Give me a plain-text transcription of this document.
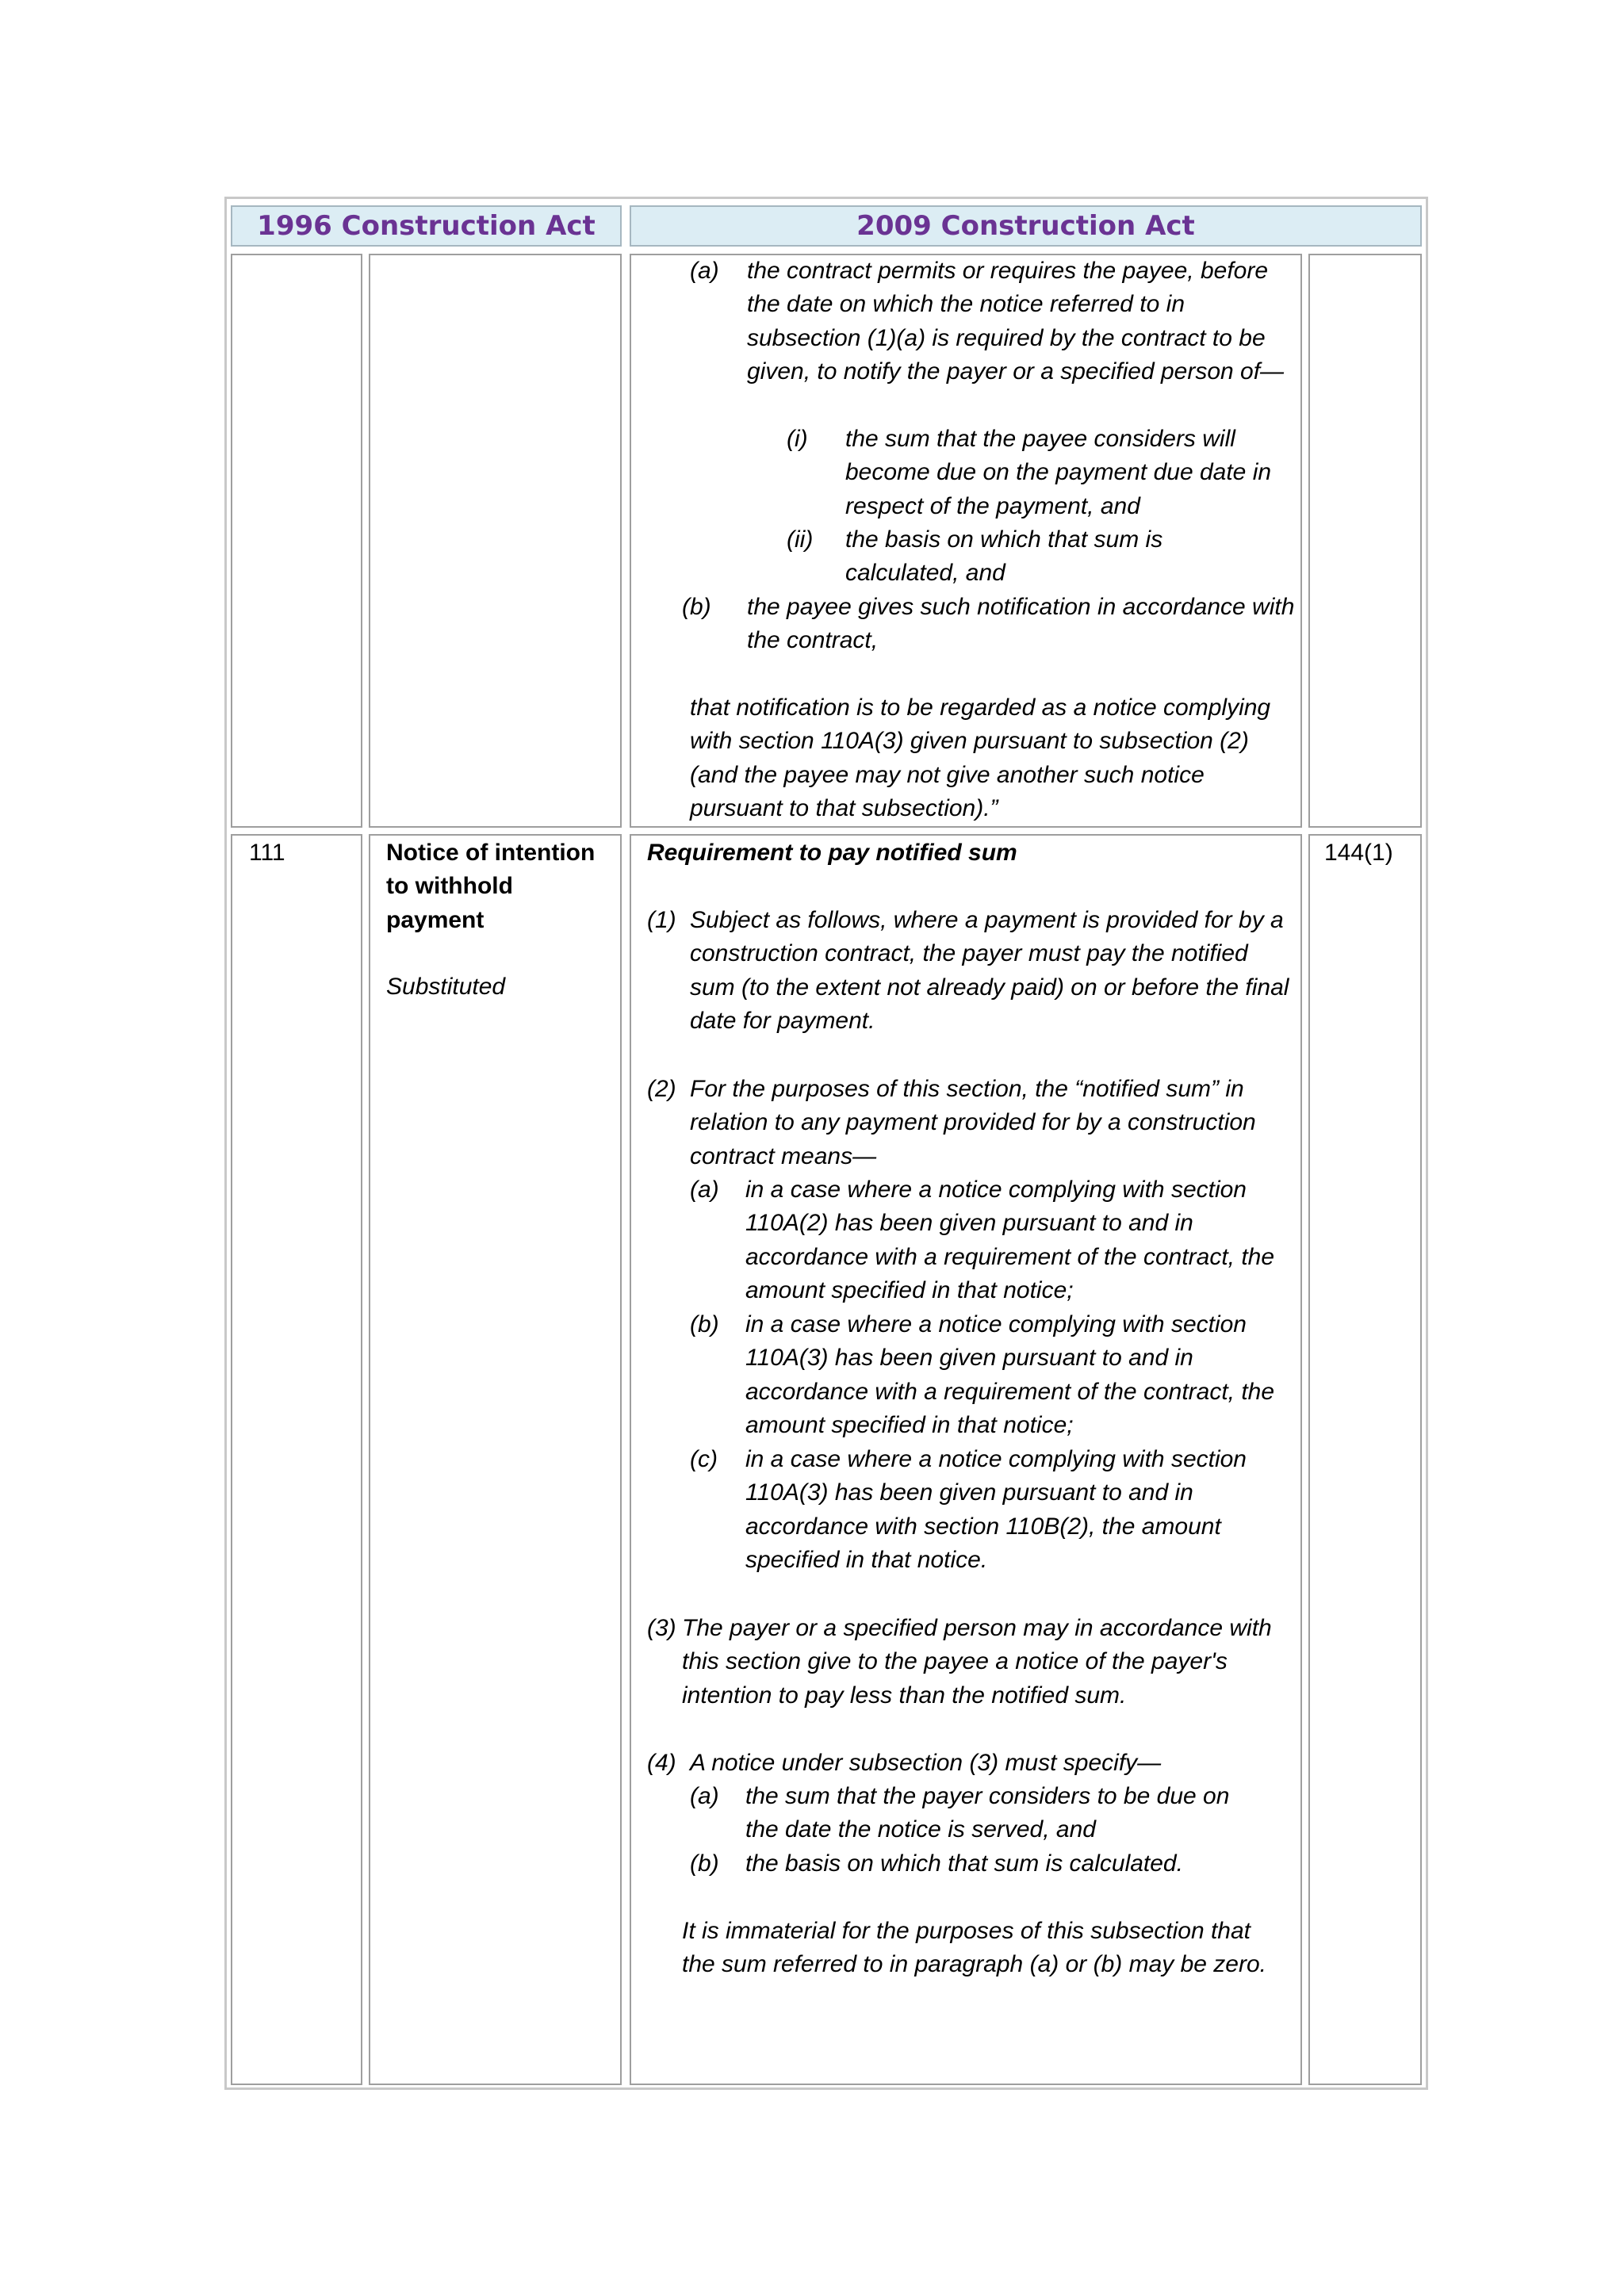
1996 Construction Act	2009 Construction Act
(a) the contract permits or requires the payee, before the date on which the notice referred to in subsection (1)(a) is required by the contract to be given, to notify the payer or a specified person of—
(i) the sum that the payee considers will become due on the payment due date in respect of the payment, and
(ii) the basis on which that sum is calculated, and
(b) the payee gives such notification in accordance with the contract,
that notification is to be regarded as a notice complying with section 110A(3) given pursuant to subsection (2) (and the payee may not give another such notice pursuant to that subsection).”
111	Notice of intention to withhold payment
Substituted
144(1)
Requirement to pay notified sum
(1) Subject as follows, where a payment is provided for by a construction contract, the payer must pay the notified sum (to the extent not already paid) on or before the final date for payment.
(2) For the purposes of this section, the “notified sum” in relation to any payment provided for by a construction contract means—
(a) in a case where a notice complying with section 110A(2) has been given pursuant to and in accordance with a requirement of the contract, the amount specified in that notice;
(b) in a case where a notice complying with section 110A(3) has been given pursuant to and in accordance with a requirement of the contract, the amount specified in that notice;
(c) in a case where a notice complying with section 110A(3) has been given pursuant to and in accordance with section 110B(2), the amount specified in that notice.
(3) The payer or a specified person may in accordance with this section give to the payee a notice of the payer's intention to pay less than the notified sum.
(4) A notice under subsection (3) must specify—
(a) the sum that the payer considers to be due on the date the notice is served, and
(b) the basis on which that sum is calculated.
It is immaterial for the purposes of this subsection that the sum referred to in paragraph (a) or (b) may be zero.
